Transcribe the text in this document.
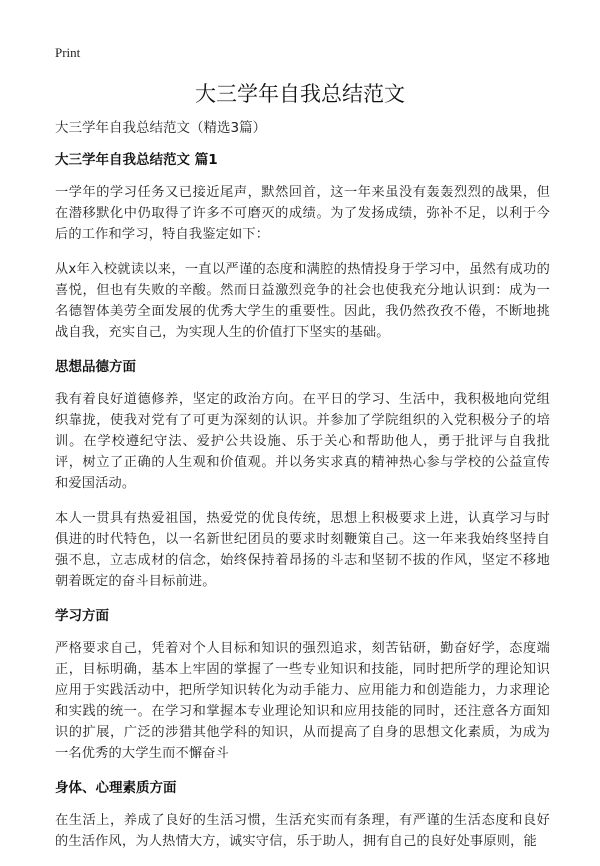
Print
大三学年自我总结范文

大三学年自我总结范文（精选3篇）

大三学年自我总结范文 篇1

一学年的学习任务又已接近尾声，默然回首，这一年来虽没有轰轰烈烈的战果，但在潜移默化中仍取得了许多不可磨灭的成绩。为了发扬成绩，弥补不足，以利于今后的工作和学习，特自我鉴定如下：

从x年入校就读以来，一直以严谨的态度和满腔的热情投身于学习中，虽然有成功的喜悦，但也有失败的辛酸。然而日益激烈竞争的社会也使我充分地认识到：成为一名德智体美劳全面发展的优秀大学生的重要性。因此，我仍然孜孜不倦，不断地挑战自我，充实自己，为实现人生的价值打下坚实的基础。

思想品德方面

我有着良好道德修养，坚定的政治方向。在平日的学习、生活中，我积极地向党组织靠拢，使我对党有了可更为深刻的认识。并参加了学院组织的入党积极分子的培训。在学校遵纪守法、爱护公共设施、乐于关心和帮助他人，勇于批评与自我批评，树立了正确的人生观和价值观。并以务实求真的精神热心参与学校的公益宣传和爱国活动。

本人一贯具有热爱祖国，热爱党的优良传统，思想上积极要求上进，认真学习与时俱进的时代特色，以一名新世纪团员的要求时刻鞭策自己。这一年来我始终坚持自强不息，立志成材的信念，始终保持着昂扬的斗志和坚韧不拔的作风，坚定不移地朝着既定的奋斗目标前进。

学习方面

严格要求自己，凭着对个人目标和知识的强烈追求，刻苦钻研，勤奋好学，态度端正，目标明确，基本上牢固的掌握了一些专业知识和技能，同时把所学的理论知识应用于实践活动中，把所学知识转化为动手能力、应用能力和创造能力，力求理论和实践的统一。在学习和掌握本专业理论知识和应用技能的同时，还注意各方面知识的扩展，广泛的涉猎其他学科的知识，从而提高了自身的思想文化素质，为成为一名优秀的大学生而不懈奋斗

身体、心理素质方面

在生活上，养成了良好的生活习惯，生活充实而有条理，有严谨的生活态度和良好的生活作风，为人热情大方，诚实守信，乐于助人，拥有自己的良好处事原则，能
